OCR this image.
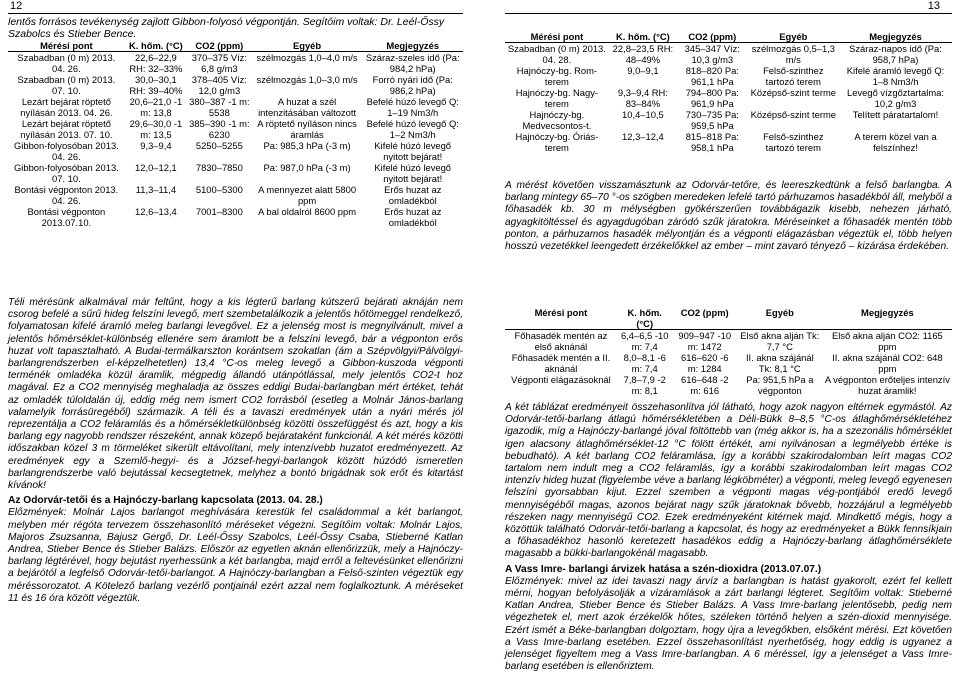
12
lentős forrásos tevékenység zajlott Gibbon-folyosó végpontján. Segítőim voltak: Dr. Leél-Őssy Szabolcs és Stieber Bence.
Mérési pont	K. hőm. (°C)	CO2 (ppm)	Egyéb	Megjegyzés
Szabadban (0 m) 2013. 04. 26.	22,6–22,9 RH: 32–33%	370–375 Víz: 6,8 g/m3	szélmozgás 1,0–4,0 m/s	Száraz-szeles idő (Pa: 984,2 hPa)
Szabadban (0 m) 2013. 07. 10.	30,0–30,1 RH: 39–40%	378–405 Víz: 12,0 g/m3	szélmozgás 1,0–3,0 m/s	Forró nyári idő (Pa: 986,2 hPa)
Lezárt bejárat röptető nyílásán 2013. 04. 26.	20,6–21,0 -1 m: 13,8	380–387 -1 m: 5538	A huzat a szél intenzitásában változott	Befelé húzó levegő Q: 1–19 Nm3/h
Lezárt bejárat röptető nyílásán 2013. 07. 10.	29,6–30,0 -1 m: 13,5	385–390 -1 m: 6230	A röptető nyíláson nincs áramlás	Befelé húzó levegő Q: 1–2 Nm3/h
Gibbon-folyosóban 2013. 04. 26.	9,3–9,4	5250–5255	Pa: 985,3 hPa (-3 m)	Kifelé húzó levegő nyitott bejárat!
Gibbon-folyosóban 2013. 07. 10.	12,0–12,1	7830–7850	Pa: 987,0 hPa (-3 m)	Kifelé húzó levegő nyitott bejárat!
Bontási végponton 2013. 04. 26.	11,3–11,4	5100–5300	A mennyezet alatt 5800 ppm	Erős huzat az omladékból
Bontási végponton 2013.07.10.	12,6–13,4	7001–8300	A bal oldalról 8600 ppm	Erős huzat az omladékból

Téli mérésünk alkalmával már feltűnt, hogy a kis légterű barlang kútszerű bejárati aknáján nem csorog befelé a sűrű hideg felszíni levegő, mert szembetalálkozik a jelentős hőtömeggel rendelkező, folyamatosan kifelé áramló meleg barlangi levegővel. Ez a jelenség most is megnyilvánult, mivel a jelentős hőmérséklet-különbség ellenére sem áramlott be a felszíni levegő, bár a végponton erős huzat volt tapasztalható. A Budai-termálkarszton korántsem szokatlan (ám a Szépvölgyi/Pálvölgyi-barlangrendszerben el-képzelhetetlen) 13,4 °C-os meleg levegő a Gibbon-kuszoda végponti terménék omladéka közül áramlik, mégpedig állandó utánpótlással, mely jelentős CO2-t hoz magával. Ez a CO2 mennyiség meghaladja az összes eddigi Budai-barlangban mért értéket, tehát az omladék túloldalán új, eddig még nem ismert CO2 forrásból (esetleg a Molnár János-barlang valamelyik forrásüregéből) származik. A téli és a tavaszi eredmények után a nyári mérés jól reprezentálja a CO2 feláramlás és a hőmérsékletkülönbség közötti összefüggést és azt, hogy a kis barlang egy nagyobb rendszer részeként, annak közepő bejárataként funkcionál. A két mérés közötti időszakban közel 3 m törmeléket sikerült eltávolítani, mely intenzívebb huzatot eredményezett. Az eredmények egy a Szemlő-hegyi- és a József-hegyi-barlangok között húzódó ismeretlen barlangrendszerbe való bejutással kecsegtetnek, melyhez a bontó brigádnak sok erőt és kitartást kívánok!

Az Odorvár-tetői és a Hajnóczy-barlang kapcsolata (2013. 04. 28.)

Előzmények: Molnár Lajos barlangot meghívására kerestük fel családommal a két barlangot, melyben mér régóta tervezem összehasonlító méréseket végezni. Segítőim voltak: Molnár Lajos, Majoros Zsuzsanna, Bajusz Gergő, Dr. Leél-Őssy Szabolcs, Leél-Őssy Csaba, Stieberné Katlan Andrea, Stieber Bence és Stieber Balázs. Először az egyetlen aknán ellenőrizzük, mely a Hajnóczy-barlang légtérével, hogy bejutást nyerhessünk a két barlangba, majd erről a feltevésünket ellenőrizni a bejárótól a legfelső Odorvár-tetői-barlangot. A Hajnóczy-barlangban a Felső-szinten végeztük egy méréssorozatot. A Kötelező barlang vezérlő pontjainál ezért azzal nem foglalkoztunk. A méréseket 11 és 16 óra között végeztük.

13
Mérési pont	K. hőm. (°C)	CO2 (ppm)	Egyéb	Megjegyzés
Szabadban (0 m) 2013. 04. 28.	22,8–23,5 RH: 48–49%	345–347 Víz: 10,3 g/m3	szélmozgás 0,5–1,3 m/s	Száraz-napos idő (Pa: 958,7 hPa)
Hajnóczy-bg. Rom-terem	9,0–9,1	818–820 Pa: 961,1 hPa	Felső-szinthez tartozó terem	Kifelé áramló levegő Q: 1–8 Nm3/h
Hajnóczy-bg. Nagy-terem	9,3–9,4 RH: 83–84%	794–800 Pa: 961,9 hPa	Középső-szint terme	Levegő vízgőztartalma: 10,2 g/m3
Hajnóczy-bg. Medvecsontos-t.	10,4–10,5	730–735 Pa: 959,5 hPa	Középső-szint terme	Telített páratartalom!
Hajnóczy-bg. Óriás-terem	12,3–12,4	815–818 Pa: 958,1 hPa	Felső-szinthez tartozó terem	A terem közel van a felszínhez!

A mérést követően visszamásztunk az Odorvár-tetőre, és leereszkedtünk a felső barlangba. A barlang mintegy 65–70 °-os szögben meredeken lefelé tartó párhuzamos hasadékból áll, melyből a főhasadék kb. 30 m mélységben gyökérszerűen továbbágazik kisebb, nehezen járható, agyagkitöltéssel és agyagdugóban záródó szűk járatokra. Méréseinket a főhasadék mentén több ponton, a párhuzamos hasadék mélyontján és a végponti elágazásban végeztük el, több helyen hosszú vezetékkel leengedett érzékelőkkel az ember – mint zavaró tényező – kizárása érdekében.

Mérési pont	K. hőm. (°C)	CO2 (ppm)	Egyéb	Megjegyzés
Főhasadék mentén az első aknánál	6,4–6,5 -10 m: 7,4	909–947 -10 m: 1472	Első akna alján Tk: 7,7 °C	Első akna alján CO2: 1165 ppm
Főhasadék mentén a II. aknánál	8,0–8,1 -6 m: 7,4	616–620 -6 m: 1284	II. akna szájánál Tk: 8,1 °C	II. akna szájánál CO2: 648 ppm
Végponti elágazásoknál	7,8–7,9 -2 m: 8,1	616–648 -2 m: 616	Pa: 951,5 hPa a végponton	A végponton erőteljes intenzív huzat áramlik!

A két táblázat eredményeit összehasonlítva jól látható, hogy azok nagyon eltérnek egymástól. Az Odorvár-tetői-barlang átlagú hőmérsékletében a Déli-Bükk 8–8,5 °C-os átlaghőmérsékletéhez igazodik, míg a Hajnóczy-barlangé jóval föltöttebb van (még akkor is, ha a szezonális hőmérséklet igen alacsony átlaghőmérséklet-12 °C fölött értékét, ami nyilvánosan a legmélyebb értéke is bebudható). A két barlang CO2 feláramlása, így a korábbi szakirodalomban leírt magas CO2 tartalom nem indult meg a CO2 feláramlás, így a korábbi szakirodalomban leírt magas CO2 intenzív hideg huzat (figyelembe véve a barlang légköbméter) a végponti, meleg levegő egyenesen felszíni gyorsabban kijut. Ezzel szemben a végponti magas vég-pontjából eredő levegő mennyiségéből magas, azonos bejárat nagy szűk járatoknak bővebb, hozzájárul a legmélyebb részeken nagy mennyiségű CO2. Ezek eredményeként kitérnek majd. Mindkettő mégis, hogy a közöttük található Odorvár-tetői-barlang a kapcsolat, és hogy az eredményeket a Bükk fennsíkjain a főhasadékhoz hasonló keretezett hasadékos eddig a Hajnóczy-barlang átlaghőmérséklete magasabb a bükki-barlangokénál magasabb.

A Vass Imre- barlangi árvizek hatása a szén-dioxidra (2013.07.07.)

Előzmények: mivel az idei tavaszi nagy árvíz a barlangban is hatást gyakorolt, ezért fel kellett mérni, hogyan befolyásolják a vízáramlások a zárt barlangi légteret. Segítőim voltak: Stieberné Katlan Andrea, Stieber Bence és Stieber Balázs. A Vass Imre-barlang jelentősebb, pedig nem végezhetek el, mert azok érzékelők hőtes, széleken történő helyen a szén-dioxid mennyisége. Ezért ismét a Béke-barlangban dolgoztam, hogy újra a levegőkben, elsőként mérési. Ezt követően a Vass Imre-barlang esetében. Ezzel összehasonlítást nyerhetőség, hogy eddig is ugyanez a jelenséget figyeltem meg a Vass Imre-barlangban. A 6 méréssel, így a jelenséget a Vass Imre-barlang esetében is ellenőriztem.
